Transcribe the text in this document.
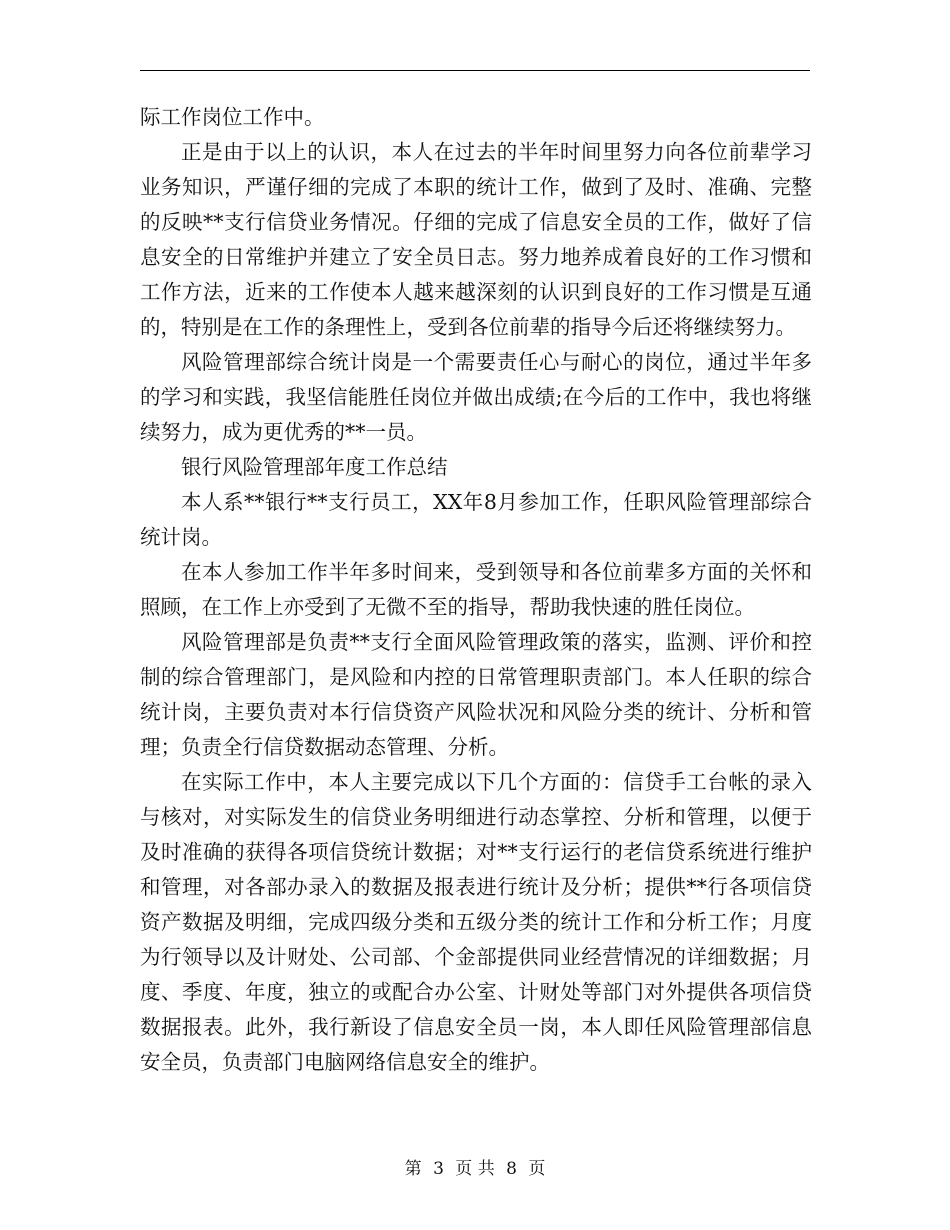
际工作岗位工作中。

正是由于以上的认识，本人在过去的半年时间里努力向各位前辈学习业务知识，严谨仔细的完成了本职的统计工作，做到了及时、准确、完整的反映**支行信贷业务情况。仔细的完成了信息安全员的工作，做好了信息安全的日常维护并建立了安全员日志。努力地养成着良好的工作习惯和工作方法，近来的工作使本人越来越深刻的认识到良好的工作习惯是互通的，特别是在工作的条理性上，受到各位前辈的指导今后还将继续努力。

风险管理部综合统计岗是一个需要责任心与耐心的岗位，通过半年多的学习和实践，我坚信能胜任岗位并做出成绩;在今后的工作中，我也将继续努力，成为更优秀的**一员。

银行风险管理部年度工作总结

本人系**银行**支行员工，XX年8月参加工作，任职风险管理部综合统计岗。

在本人参加工作半年多时间来，受到领导和各位前辈多方面的关怀和照顾，在工作上亦受到了无微不至的指导，帮助我快速的胜任岗位。

风险管理部是负责**支行全面风险管理政策的落实，监测、评价和控制的综合管理部门，是风险和内控的日常管理职责部门。本人任职的综合统计岗，主要负责对本行信贷资产风险状况和风险分类的统计、分析和管理；负责全行信贷数据动态管理、分析。

在实际工作中，本人主要完成以下几个方面的：信贷手工台帐的录入与核对，对实际发生的信贷业务明细进行动态掌控、分析和管理，以便于及时准确的获得各项信贷统计数据；对**支行运行的老信贷系统进行维护和管理，对各部办录入的数据及报表进行统计及分析；提供**行各项信贷资产数据及明细，完成四级分类和五级分类的统计工作和分析工作；月度为行领导以及计财处、公司部、个金部提供同业经营情况的详细数据；月度、季度、年度，独立的或配合办公室、计财处等部门对外提供各项信贷数据报表。此外，我行新设了信息安全员一岗，本人即任风险管理部信息安全员，负责部门电脑网络信息安全的维护。

第 3 页 共 8 页
